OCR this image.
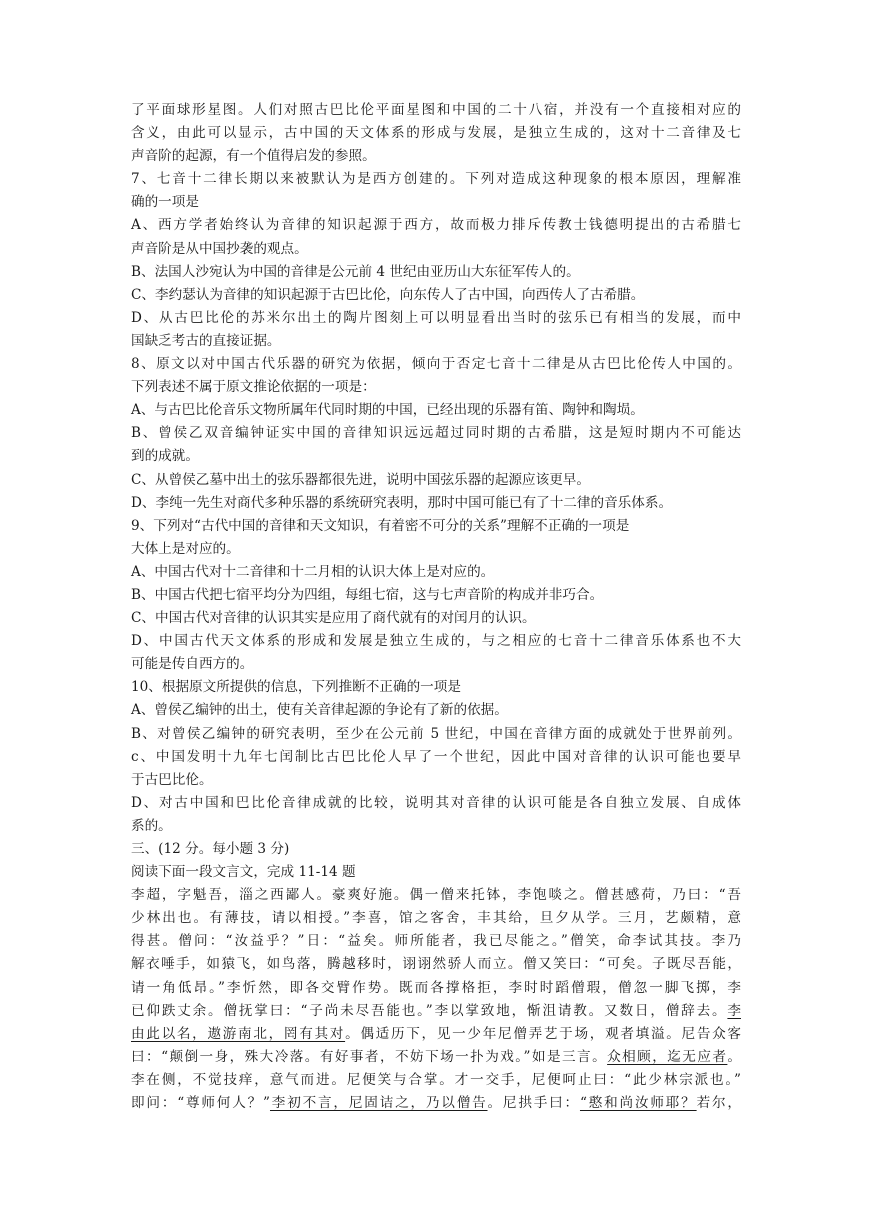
了平面球形星图。人们对照古巴比伦平面星图和中国的二十八宿，并没有一个直接相对应的
含义，由此可以显示，古中国的天文体系的形成与发展，是独立生成的，这对十二音律及七
声音阶的起源，有一个值得启发的参照。
7、七音十二律长期以来被默认为是西方创建的。下列对造成这种现象的根本原因，理解准
确的一项是
A、西方学者始终认为音律的知识起源于西方，故而极力排斥传教士钱德明提出的古希腊七
声音阶是从中国抄袭的观点。
B、法国人沙宛认为中国的音律是公元前 4 世纪由亚历山大东征军传人的。
C、李约瑟认为音律的知识起源于古巴比伦，向东传人了古中国，向西传人了古希腊。
D、从古巴比伦的苏米尔出土的陶片图刻上可以明显看出当时的弦乐已有相当的发展，而中
国缺乏考古的直接证据。
8、原文以对中国古代乐器的研究为依据，倾向于否定七音十二律是从古巴比伦传人中国的。
下列表述不属于原文推论依据的一项是：
A、与古巴比伦音乐文物所属年代同时期的中国，已经出现的乐器有笛、陶钟和陶埙。
B、曾侯乙双音编钟证实中国的音律知识远远超过同时期的古希腊，这是短时期内不可能达
到的成就。
C、从曾侯乙墓中出土的弦乐器都很先进，说明中国弦乐器的起源应该更早。
D、李纯一先生对商代多种乐器的系统研究表明，那时中国可能已有了十二律的音乐体系。
9、下列对“古代中国的音律和天文知识，有着密不可分的关系”理解不正确的一项是
大体上是对应的。
A、中国古代对十二音律和十二月相的认识大体上是对应的。
B、中国古代把七宿平均分为四组，每组七宿，这与七声音阶的构成并非巧合。
C、中国古代对音律的认识其实是应用了商代就有的对闰月的认识。
D、中国古代天文体系的形成和发展是独立生成的，与之相应的七音十二律音乐体系也不大
可能是传自西方的。
10、根据原文所提供的信息，下列推断不正确的一项是
A、曾侯乙编钟的出土，使有关音律起源的争论有了新的依据。
B、对曾侯乙编钟的研究表明，至少在公元前 5 世纪，中国在音律方面的成就处于世界前列。
c、中国发明十九年七闰制比古巴比伦人早了一个世纪，因此中国对音律的认识可能也要早
于古巴比伦。
D、对古中国和巴比伦音律成就的比较，说明其对音律的认识可能是各自独立发展、自成体
系的。
三、(12 分。每小题 3 分)
阅读下面一段文言文，完成 11-14 题
李超，字魁吾，淄之西鄙人。豪爽好施。偶一僧来托钵，李饱啖之。僧甚感荷，乃曰：“吾
少林出也。有薄技，请以相授。”李喜，馆之客舍，丰其给，旦夕从学。三月，艺颇精，意
得甚。僧问：“汝益乎？”日：“益矣。师所能者，我已尽能之。”僧笑，命李试其技。李乃
解衣唾手，如猿飞，如鸟落，腾越移时，诩诩然骄人而立。僧又笑曰：“可矣。子既尽吾能，
请一角低昂。”李忻然，即各交臂作势。既而各撑格拒，李时时蹈僧瑕，僧忽一脚飞掷，李
已仰跌丈余。僧抚掌曰：“子尚未尽吾能也。”李以掌致地，惭沮请教。又数日，僧辞去。李
由此以名，遨游南北，罔有其对。偶适历下，见一少年尼僧弄艺于场，观者填溢。尼告众客
曰：“颠倒一身，殊大冷落。有好事者，不妨下场一扑为戏。”如是三言。众相顾，迄无应者。
李在侧，不觉技痒，意气而进。尼便笑与合掌。才一交手，尼便呵止曰：“此少林宗派也。”
即问：“尊师何人？”李初不言，尼固诘之，乃以僧告。尼拱手曰：“憨和尚汝师耶？若尔，
